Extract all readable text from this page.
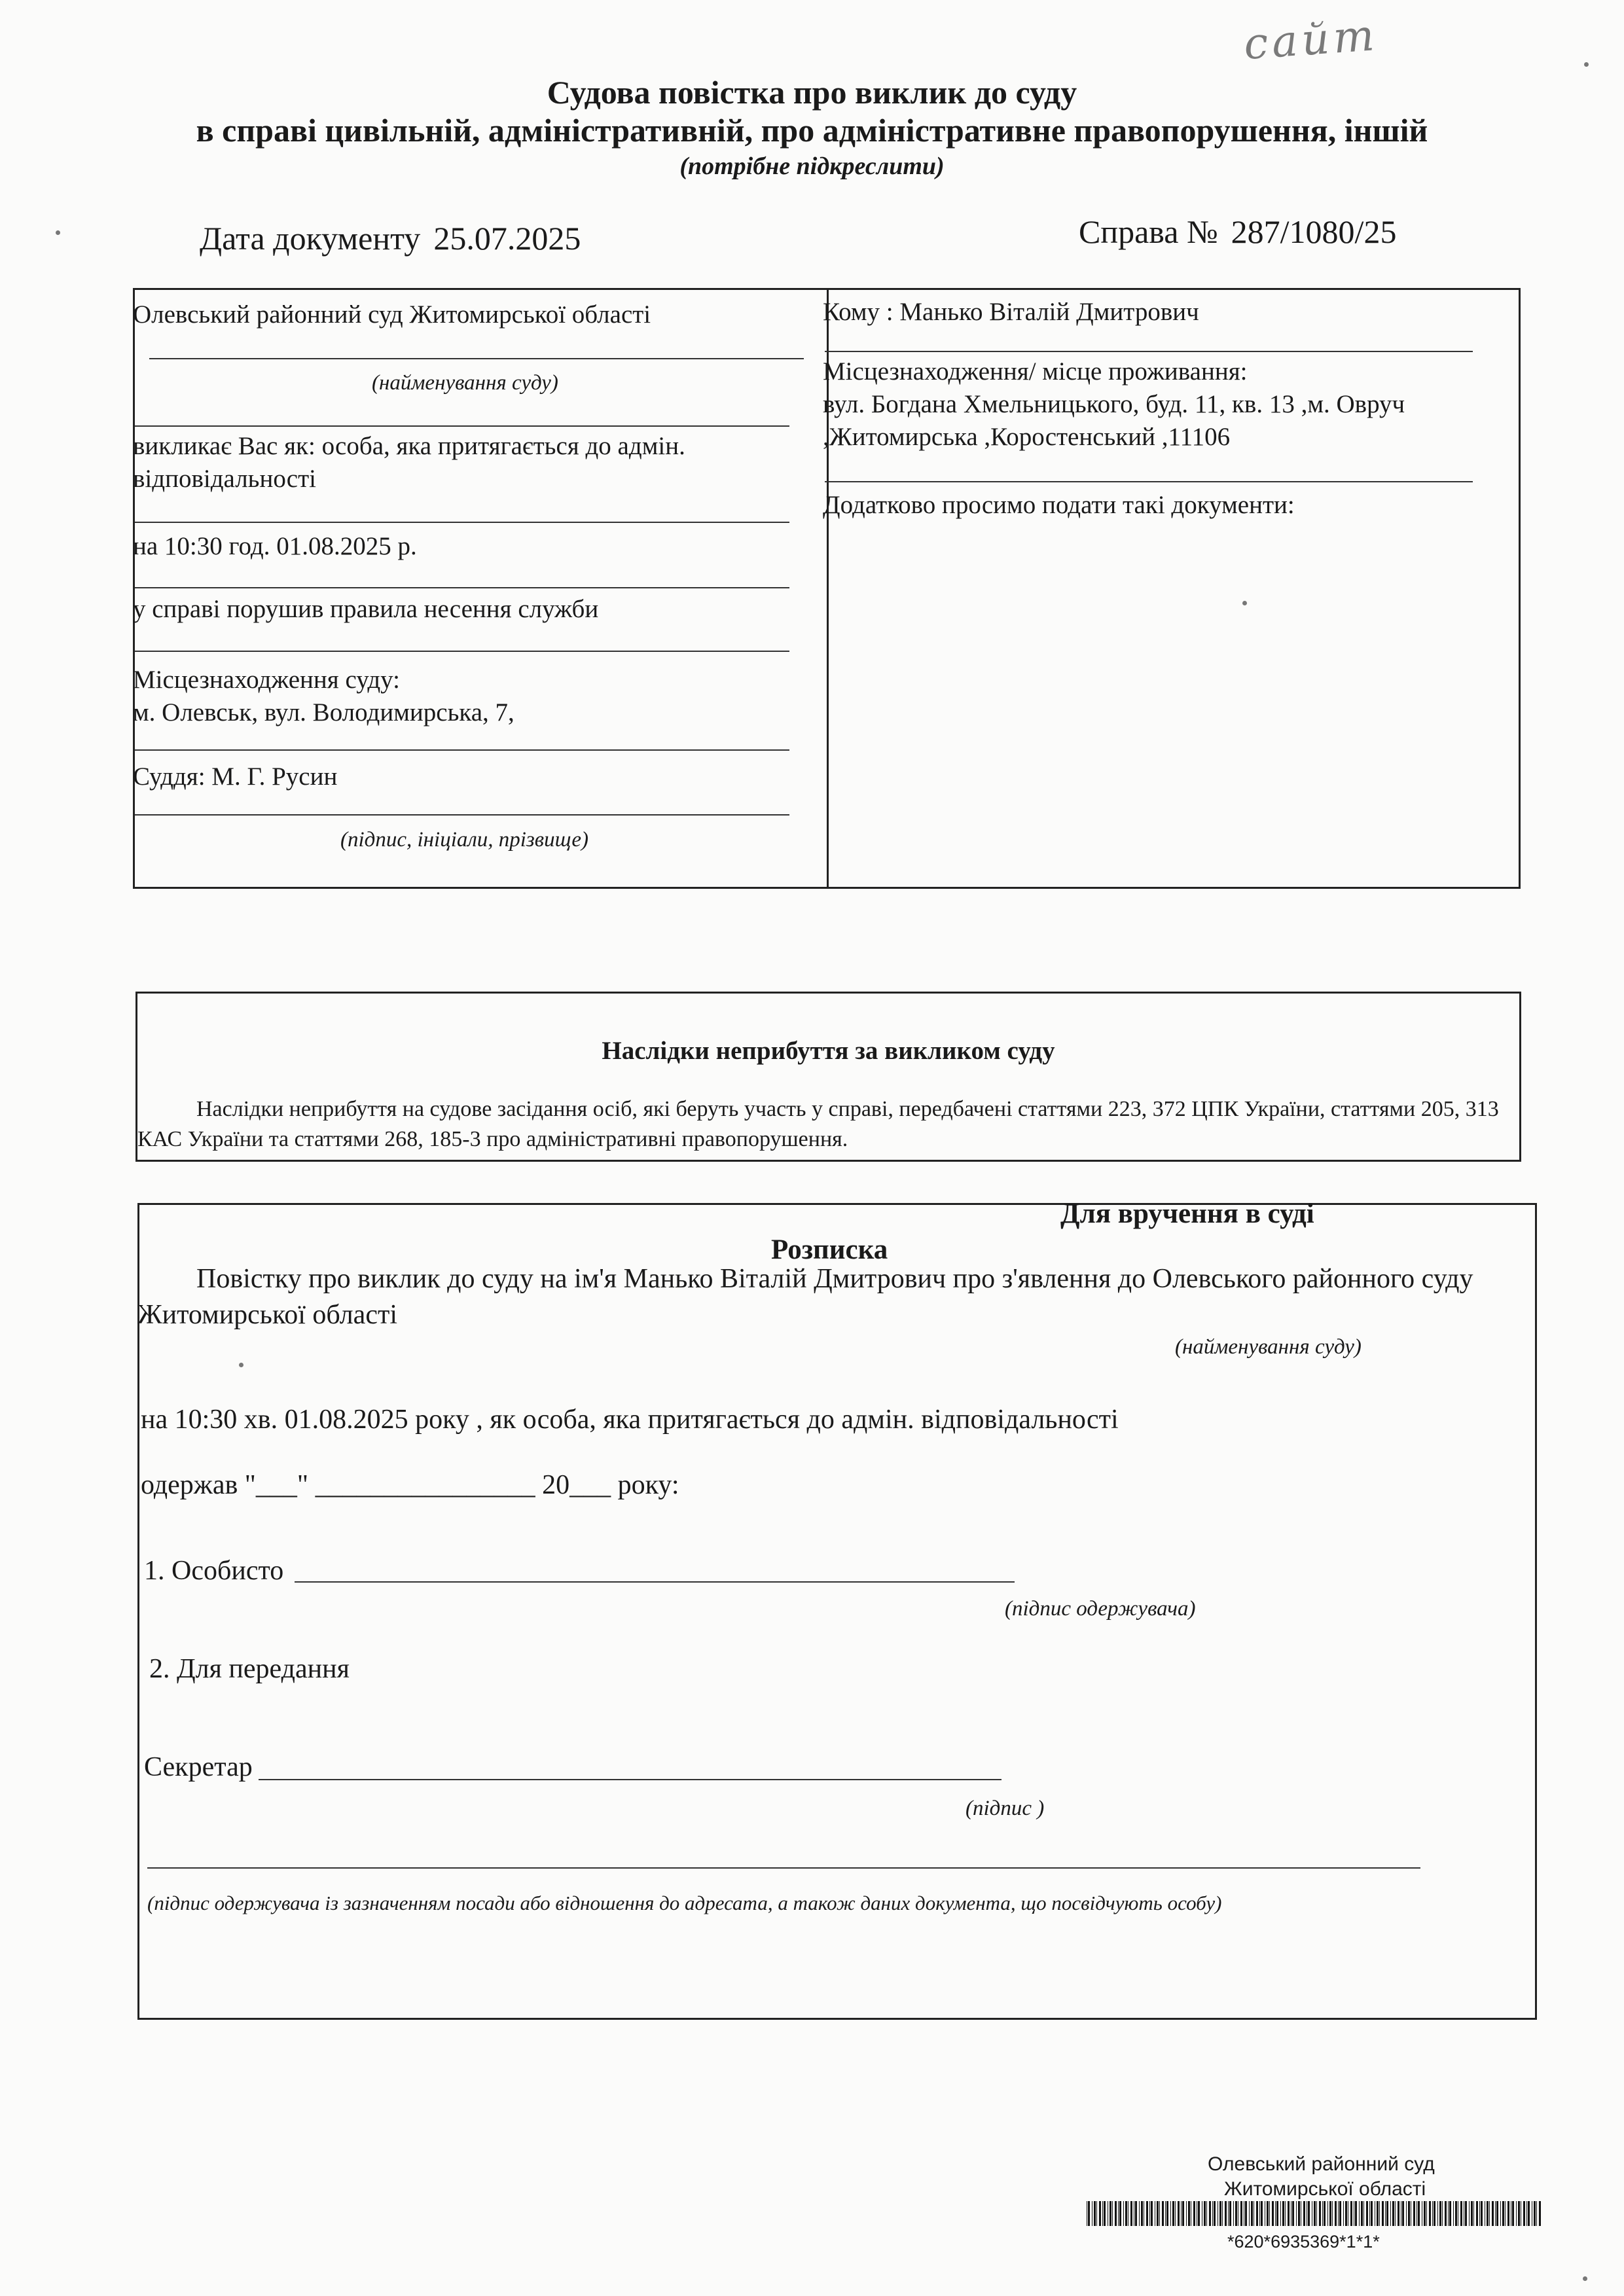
сайт
Судова повістка про виклик до суду
в справі цивільній, адміністративній, про адміністративне правопорушення, іншій
(потрібне підкреслити)
Дата документу 25.07.2025	Справа № 287/1080/25
Олевський районний суд Житомирської області
(найменування суду)
викликає Вас як: особа, яка притягається до адмін.
відповідальності
на 10:30 год. 01.08.2025 р.
у справі порушив правила несення служби
Місцезнаходження суду:
м. Олевськ, вул. Володимирська, 7,
Суддя: М. Г. Русин
(підпис, ініціали, прізвище)
Кому : Манько Віталій Дмитрович
Місцезнаходження/ місце проживання:
вул. Богдана Хмельницького, буд. 11, кв. 13 ,м. Овруч
,Житомирська ,Коростенський ,11106
Додатково просимо подати такі документи:
Наслідки неприбуття за викликом суду
Наслідки неприбуття на судове засідання осіб, які беруть участь у справі, передбачені статтями 223, 372 ЦПК України, статтями 205, 313 КАС України та статтями 268, 185-3 про адміністративні правопорушення.
Для вручення в суді
Розписка
Повістку про виклик до суду на ім'я Манько Віталій Дмитрович про з'явлення до Олевського районного суду
Житомирської області
(найменування суду)
на 10:30 хв. 01.08.2025 року , як особа, яка притягається до адмін. відповідальності
одержав "___" ________________ 20___ року:
1. Особисто
(підпис одержувача)
2. Для передання
Секретар
(підпис )
(підпис одержувача із зазначенням посади або відношення до адресата, а також даних документа, що посвідчують особу)
Олевський районний суд
Житомирської області
*620*6935369*1*1*
